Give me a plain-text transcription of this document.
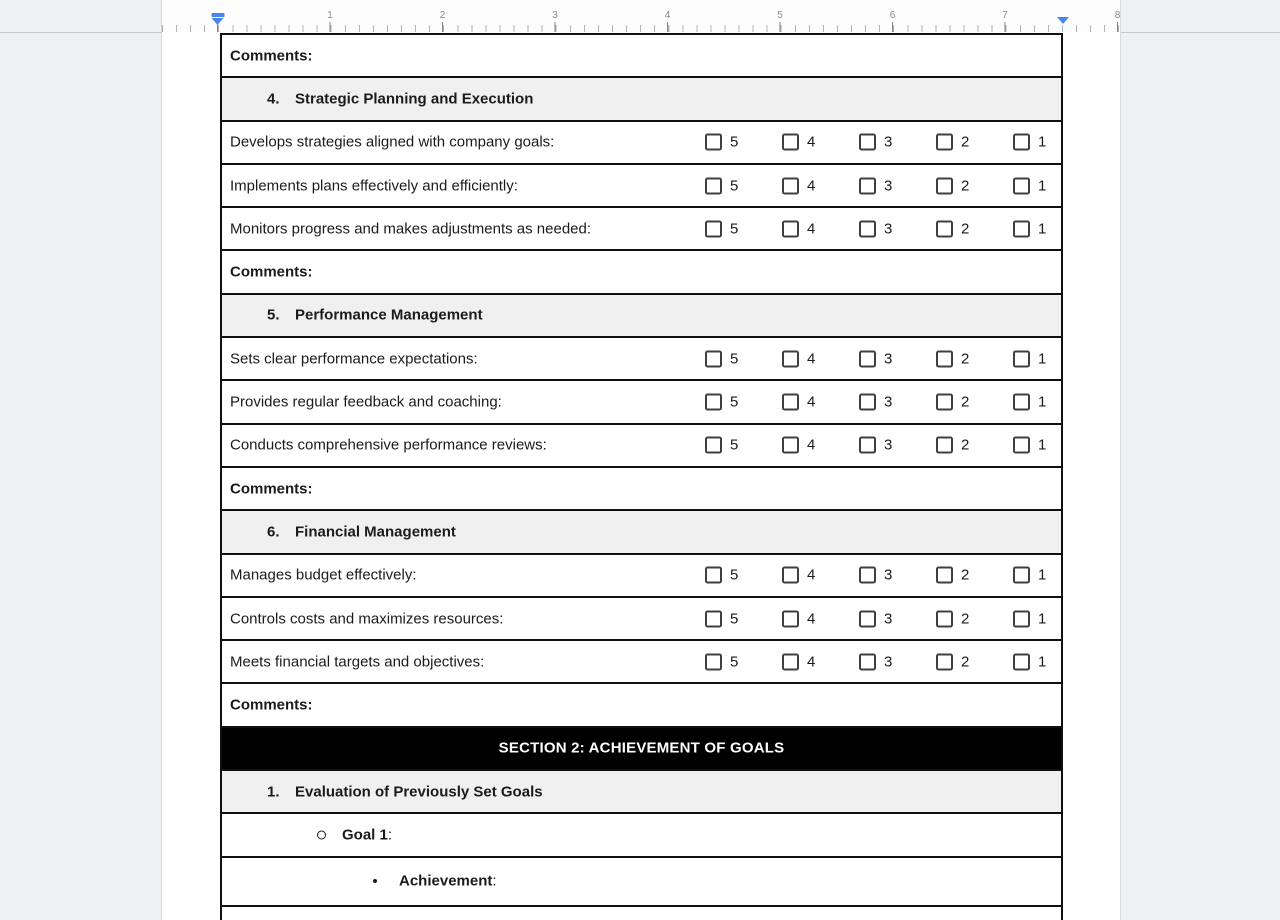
1	2	3	4	5	6	7	8
Comments:
4. Strategic Planning and Execution
Develops strategies aligned with company goals:	5	4	3	2	1
Implements plans effectively and efficiently:	5	4	3	2	1
Monitors progress and makes adjustments as needed:	5	4	3	2	1
Comments:
5. Performance Management
Sets clear performance expectations:	5	4	3	2	1
Provides regular feedback and coaching:	5	4	3	2	1
Conducts comprehensive performance reviews:	5	4	3	2	1
Comments:
6. Financial Management
Manages budget effectively:	5	4	3	2	1
Controls costs and maximizes resources:	5	4	3	2	1
Meets financial targets and objectives:	5	4	3	2	1
Comments:
SECTION 2: ACHIEVEMENT OF GOALS
1. Evaluation of Previously Set Goals
Goal 1:
Achievement:
